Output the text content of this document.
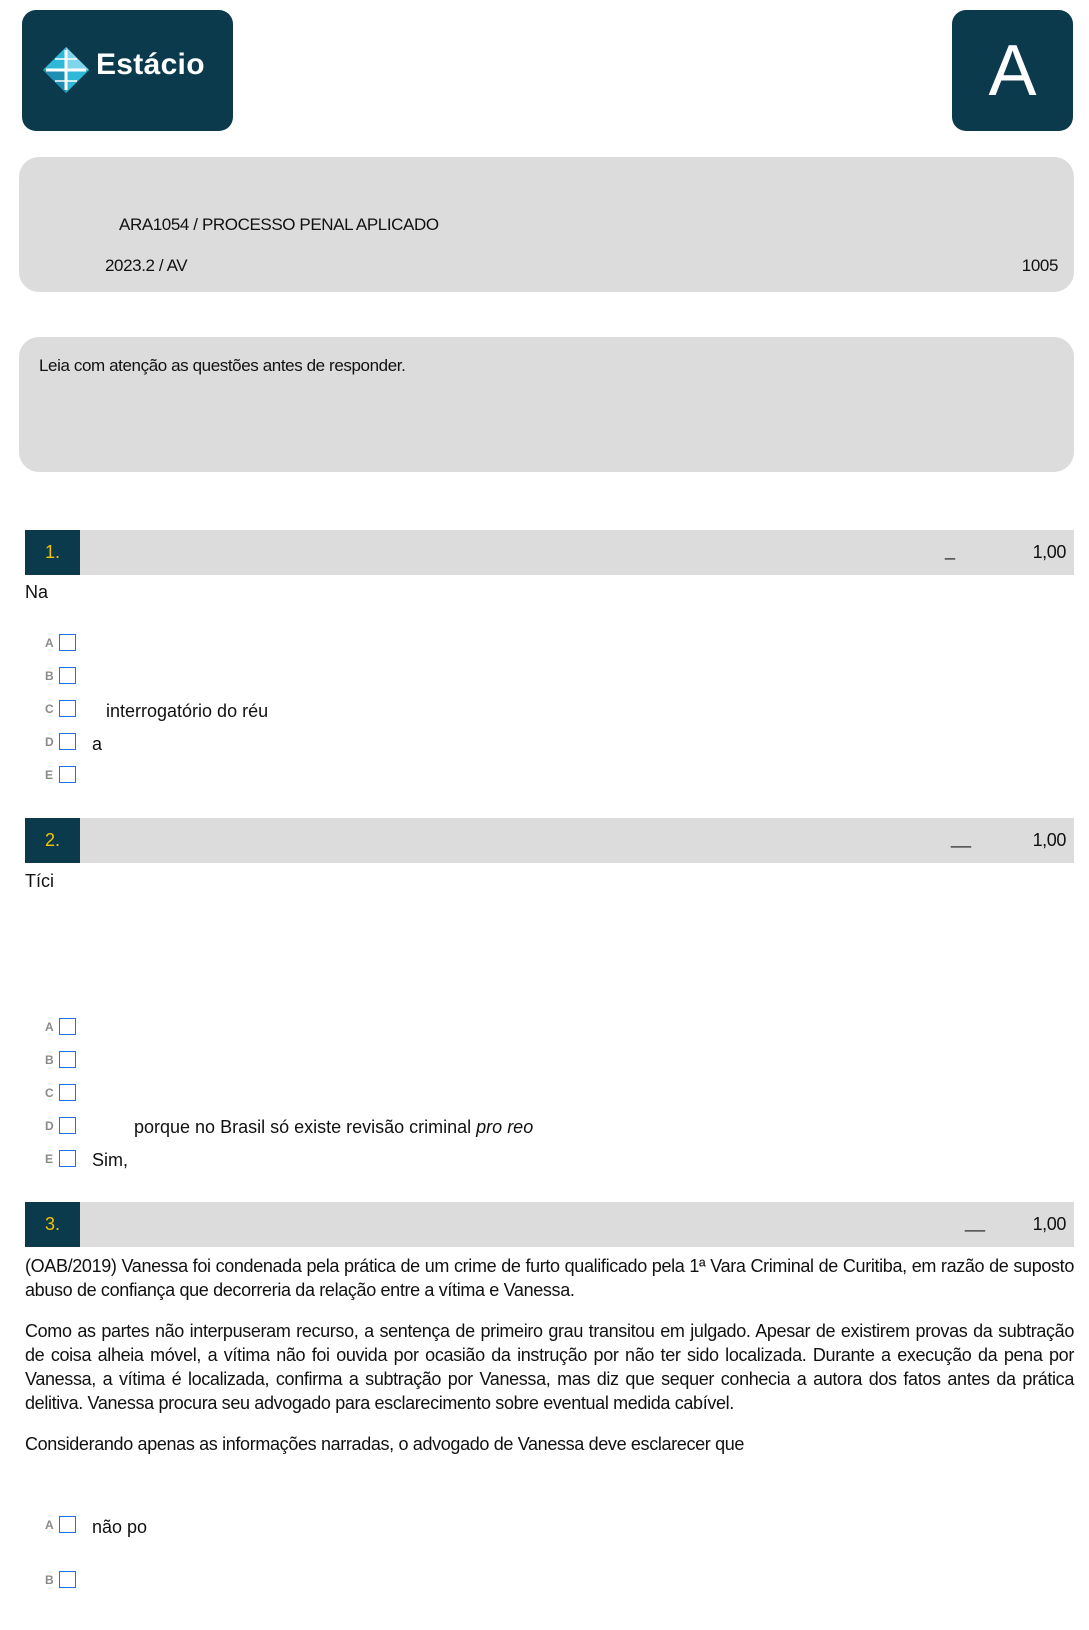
Estácio	A
ARA1054 / PROCESSO PENAL APLICADO
2023.2 / AV	1005
Leia com atenção as questões antes de responder.
1.	_	1,00
Na
A
B
C	interrogatório do réu
D a
E
2.	__	1,00
Tíci
A
B
C
D	porque no Brasil só existe revisão criminal pro reo
E Sim,
3.	__	1,00

(OAB/2019) Vanessa foi condenada pela prática de um crime de furto qualificado pela 1ª Vara Criminal de Curitiba, em razão de suposto abuso de confiança que decorreria da relação entre a vítima e Vanessa.

Como as partes não interpuseram recurso, a sentença de primeiro grau transitou em julgado. Apesar de existirem provas da subtração de coisa alheia móvel, a vítima não foi ouvida por ocasião da instrução por não ter sido localizada. Durante a execução da pena por Vanessa, a vítima é localizada, confirma a subtração por Vanessa, mas diz que sequer conhecia a autora dos fatos antes da prática delitiva. Vanessa procura seu advogado para esclarecimento sobre eventual medida cabível.

Considerando apenas as informações narradas, o advogado de Vanessa deve esclarecer que

A não po
B
